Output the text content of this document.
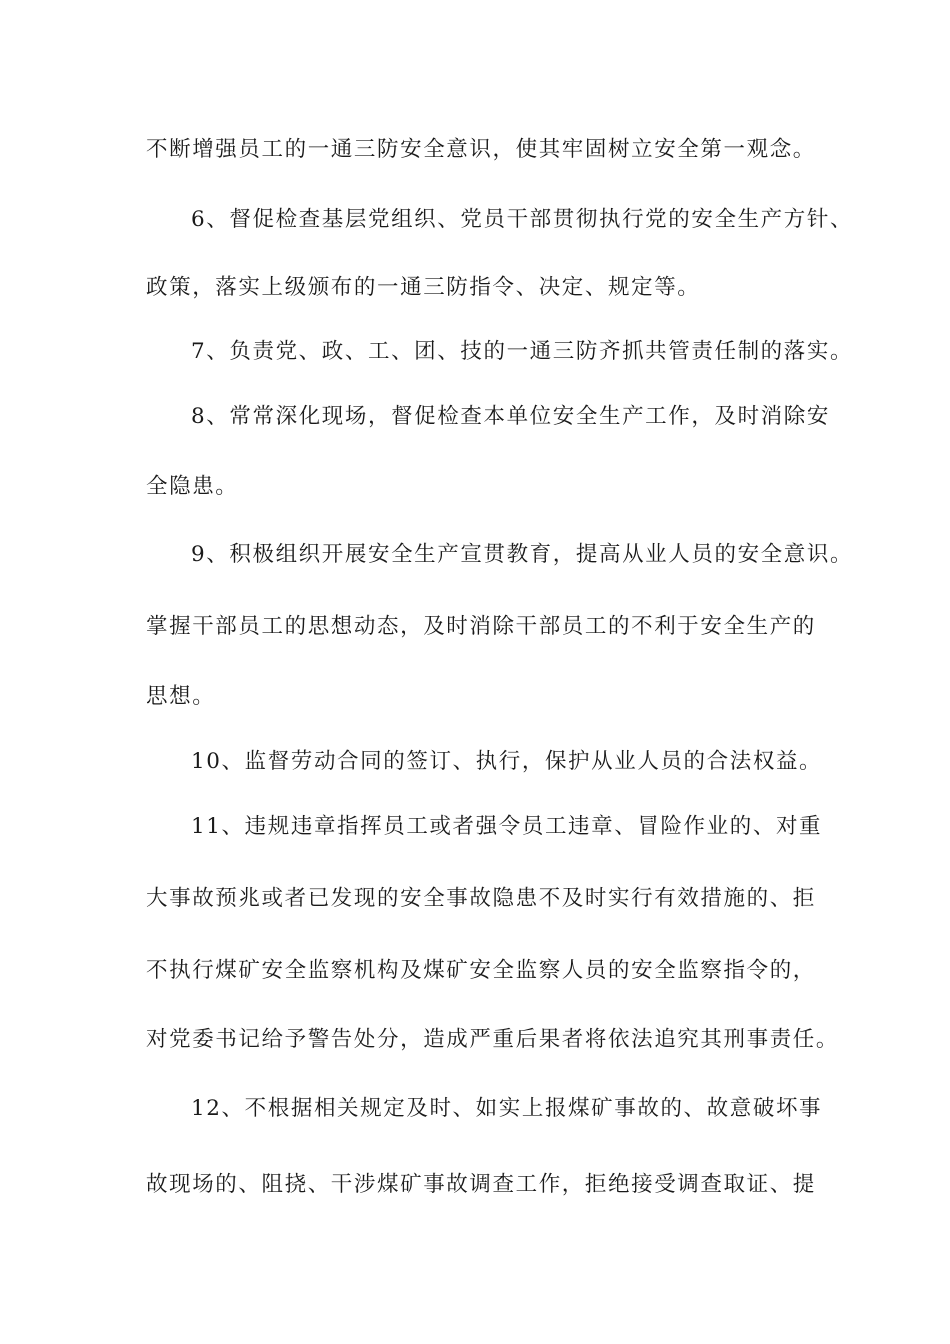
不断增强员工的一通三防安全意识，使其牢固树立安全第一观念。
6、督促检查基层党组织、党员干部贯彻执行党的安全生产方针、
政策，落实上级颁布的一通三防指令、决定、规定等。
7、负责党、政、工、团、技的一通三防齐抓共管责任制的落实。
8、常常深化现场，督促检查本单位安全生产工作，及时消除安
全隐患。
9、积极组织开展安全生产宣贯教育，提高从业人员的安全意识。
掌握干部员工的思想动态，及时消除干部员工的不利于安全生产的
思想。
10、监督劳动合同的签订、执行，保护从业人员的合法权益。
11、违规违章指挥员工或者强令员工违章、冒险作业的、对重
大事故预兆或者已发现的安全事故隐患不及时实行有效措施的、拒
不执行煤矿安全监察机构及煤矿安全监察人员的安全监察指令的，
对党委书记给予警告处分，造成严重后果者将依法追究其刑事责任。
12、不根据相关规定及时、如实上报煤矿事故的、故意破坏事
故现场的、阻挠、干涉煤矿事故调查工作，拒绝接受调查取证、提
